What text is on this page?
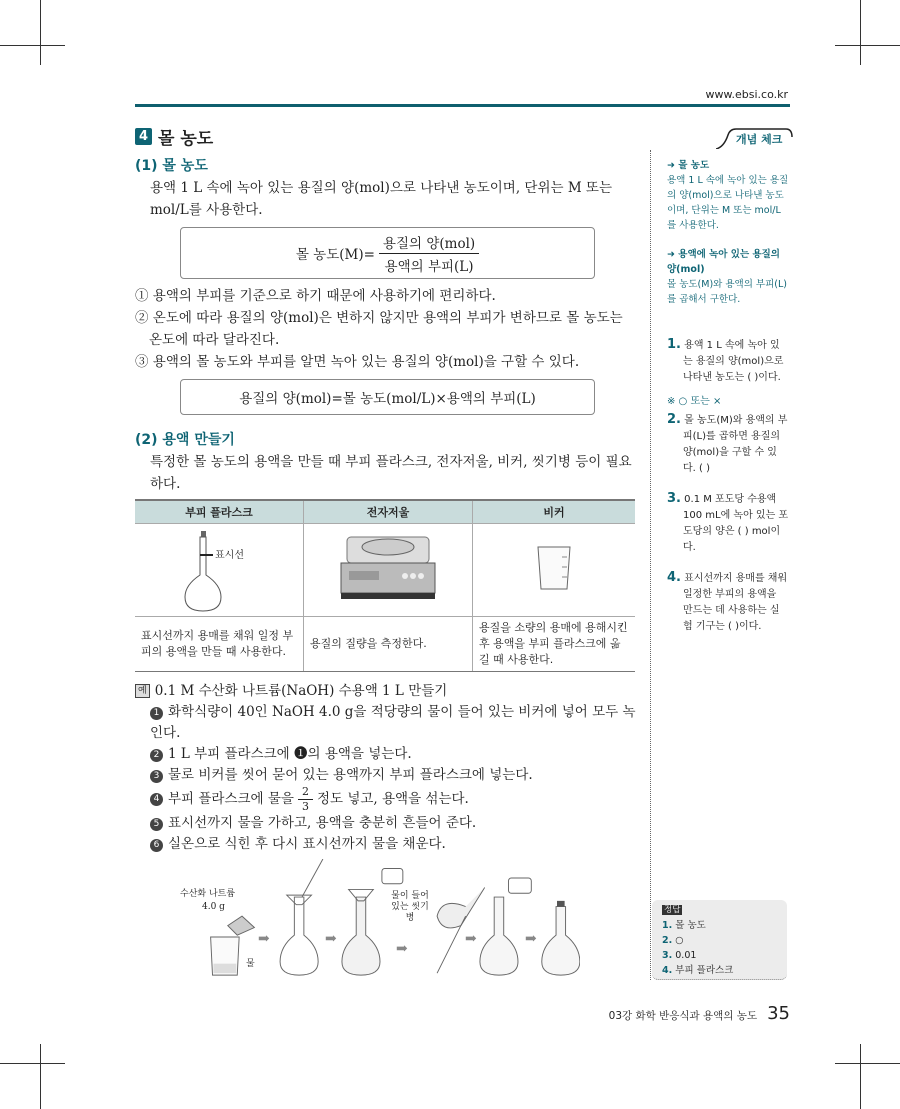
www.ebsi.co.kr
4 몰 농도
(1) 몰 농도
용액 1 L 속에 녹아 있는 용질의 양(mol)으로 나타낸 농도이며, 단위는 M 또는 mol/L를 사용한다.
몰 농도$(M)= \frac{\text{용질의 양(mol)}}{\text{용액의 부피(L)}}$
① 용액의 부피를 기준으로 하기 때문에 사용하기에 편리하다.
② 온도에 따라 용질의 양(mol)은 변하지 않지만 용액의 부피가 변하므로 몰 농도는 온도에 따라 달라진다.
③ 용액의 몰 농도와 부피를 알면 녹아 있는 용질의 양(mol)을 구할 수 있다.
용질의 양(mol)=몰 농도(mol/L)×용액의 부피(L)
(2) 용액 만들기
특정한 몰 농도의 용액을 만들 때 부피 플라스크, 전자저울, 비커, 씻기병 등이 필요하다.
부피 플라스크	전자저울	비커

표시선

표시선까지 용매를 채워 일정 부피의 용액을 만들 때 사용한다.	용질의 질량을 측정한다.	용질을 소량의 용매에 용해시킨 후 용액을 부피 플라스크에 옮길 때 사용한다.
예 0.1 M 수산화 나트륨(NaOH) 수용액 1 L 만들기
1 화학식량이 40인 NaOH 4.0 g을 적당량의 물이 들어 있는 비커에 넣어 모두 녹인다.
2 1 L 부피 플라스크에 ❶의 용액을 넣는다.
3 물로 비커를 씻어 묻어 있는 용액까지 부피 플라스크에 넣는다.
4 부피 플라스크에 물을 $\frac{2}{3}$ 정도 넣고, 용액을 섞는다.
5 표시선까지 물을 가하고, 용액을 충분히 흔들어 준다.
6 실온으로 식힌 후 다시 표시선까지 물을 채운다.
수산화 나트륨
4.0 g
물
물이 들어 있는 씻기병
➡	➡
➡
➡	➡
개념 체크
➜ 몰 농도
용액 1 L 속에 녹아 있는 용질의 양(mol)으로 나타낸 농도이며, 단위는 M 또는 mol/L를 사용한다.
➜ 용액에 녹아 있는 용질의 양(mol)
몰 농도(M)와 용액의 부피(L)를 곱해서 구한다.
1. 용액 1 L 속에 녹아 있는 용질의 양(mol)으로 나타낸 농도는 ( )이다.
※ ○ 또는 ×
2. 몰 농도(M)와 용액의 부피(L)를 곱하면 용질의 양(mol)을 구할 수 있다. ( )
3. 0.1 M 포도당 수용액 100 mL에 녹아 있는 포도당의 양은 ( ) mol이다.
4. 표시선까지 용매를 채워 일정한 부피의 용액을 만드는 데 사용하는 실험 기구는 ( )이다.
정답
1. 몰 농도
2. ○
3. 0.01
4. 부피 플라스크
03강 화학 반응식과 용액의 농도 35
